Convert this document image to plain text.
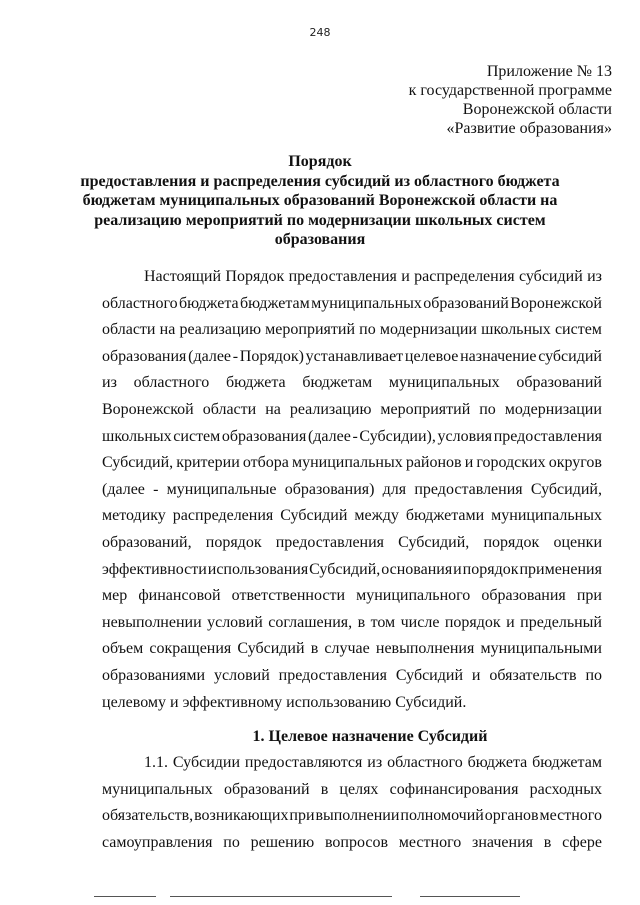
248
Приложение № 13
к государственной программе
Воронежской области
«Развитие образования»
Порядок
предоставления и распределения субсидий из областного бюджета
бюджетам муниципальных образований Воронежской области на
реализацию мероприятий по модернизации школьных систем
образования
Настоящий Порядок предоставления и распределения субсидий из
областного бюджета бюджетам муниципальных образований Воронежской
области на реализацию мероприятий по модернизации школьных систем
образования (далее - Порядок) устанавливает целевое назначение субсидий
из областного бюджета бюджетам муниципальных образований
Воронежской области на реализацию мероприятий по модернизации
школьных систем образования (далее - Субсидии), условия предоставления
Субсидий, критерии отбора муниципальных районов и городских округов
(далее - муниципальные образования) для предоставления Субсидий,
методику распределения Субсидий между бюджетами муниципальных
образований, порядок предоставления Субсидий, порядок оценки
эффективности использования Субсидий, основания и порядок применения
мер финансовой ответственности муниципального образования при
невыполнении условий соглашения, в том числе порядок и предельный
объем сокращения Субсидий в случае невыполнения муниципальными
образованиями условий предоставления Субсидий и обязательств по
целевому и эффективному использованию Субсидий.
1. Целевое назначение Субсидий
1.1. Субсидии предоставляются из областного бюджета бюджетам
муниципальных образований в целях софинансирования расходных
обязательств, возникающих при выполнении полномочий органов местного
самоуправления по решению вопросов местного значения в сфере
